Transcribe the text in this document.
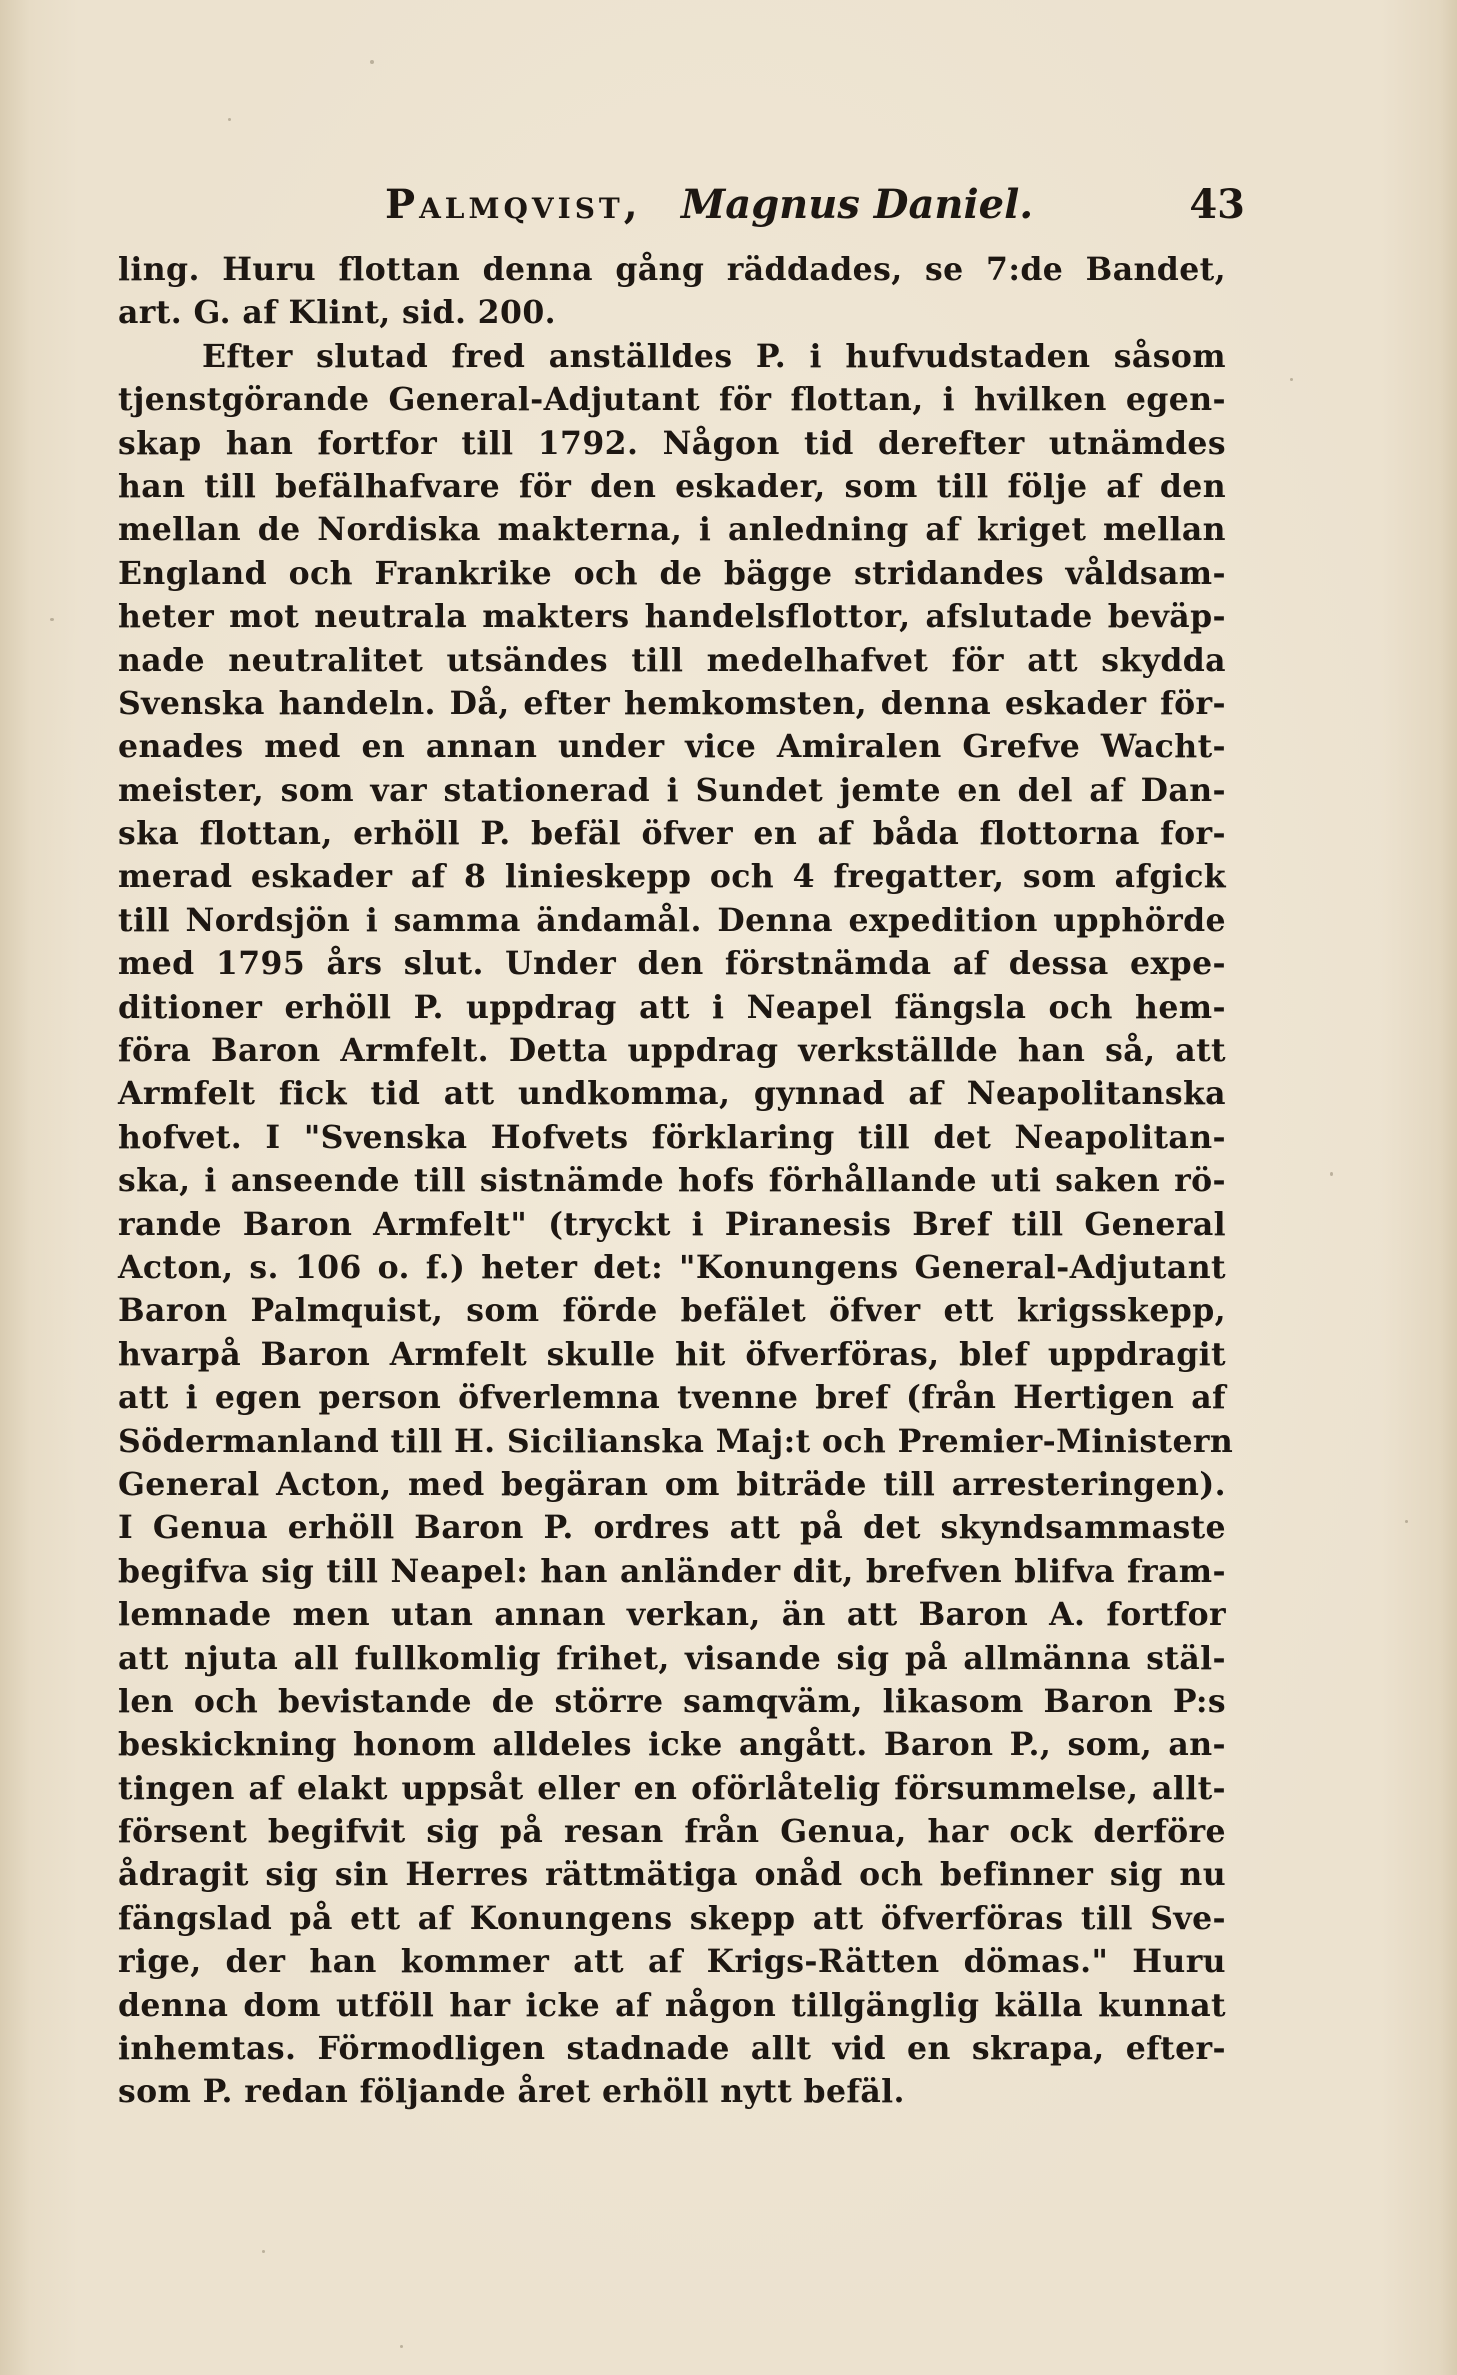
Palmqvist, Magnus Daniel.	43
ling. Huru flottan denna gång räddades, se 7:de Bandet,
art. G. af Klint, sid. 200.
Efter slutad fred anställdes P. i hufvudstaden såsom
tjenstgörande General-Adjutant för flottan, i hvilken egen-
skap han fortfor till 1792. Någon tid derefter utnämdes
han till befälhafvare för den eskader, som till följe af den
mellan de Nordiska makterna, i anledning af kriget mellan
England och Frankrike och de bägge stridandes våldsam-
heter mot neutrala makters handelsflottor, afslutade beväp-
nade neutralitet utsändes till medelhafvet för att skydda
Svenska handeln. Då, efter hemkomsten, denna eskader för-
enades med en annan under vice Amiralen Grefve Wacht-
meister, som var stationerad i Sundet jemte en del af Dan-
ska flottan, erhöll P. befäl öfver en af båda flottorna for-
merad eskader af 8 linieskepp och 4 fregatter, som afgick
till Nordsjön i samma ändamål. Denna expedition upphörde
med 1795 års slut. Under den förstnämda af dessa expe-
ditioner erhöll P. uppdrag att i Neapel fängsla och hem-
föra Baron Armfelt. Detta uppdrag verkställde han så, att
Armfelt fick tid att undkomma, gynnad af Neapolitanska
hofvet. I "Svenska Hofvets förklaring till det Neapolitan-
ska, i anseende till sistnämde hofs förhållande uti saken rö-
rande Baron Armfelt" (tryckt i Piranesis Bref till General
Acton, s. 106 o. f.) heter det: "Konungens General-Adjutant
Baron Palmquist, som förde befälet öfver ett krigsskepp,
hvarpå Baron Armfelt skulle hit öfverföras, blef uppdragit
att i egen person öfverlemna tvenne bref (från Hertigen af
Södermanland till H. Sicilianska Maj:t och Premier-Ministern
General Acton, med begäran om biträde till arresteringen).
I Genua erhöll Baron P. ordres att på det skyndsammaste
begifva sig till Neapel: han anländer dit, brefven blifva fram-
lemnade men utan annan verkan, än att Baron A. fortfor
att njuta all fullkomlig frihet, visande sig på allmänna stäl-
len och bevistande de större samqväm, likasom Baron P:s
beskickning honom alldeles icke angått. Baron P., som, an-
tingen af elakt uppsåt eller en oförlåtelig försummelse, allt-
försent begifvit sig på resan från Genua, har ock derföre
ådragit sig sin Herres rättmätiga onåd och befinner sig nu
fängslad på ett af Konungens skepp att öfverföras till Sve-
rige, der han kommer att af Krigs-Rätten dömas." Huru
denna dom utföll har icke af någon tillgänglig källa kunnat
inhemtas. Förmodligen stadnade allt vid en skrapa, efter-
som P. redan följande året erhöll nytt befäl.
